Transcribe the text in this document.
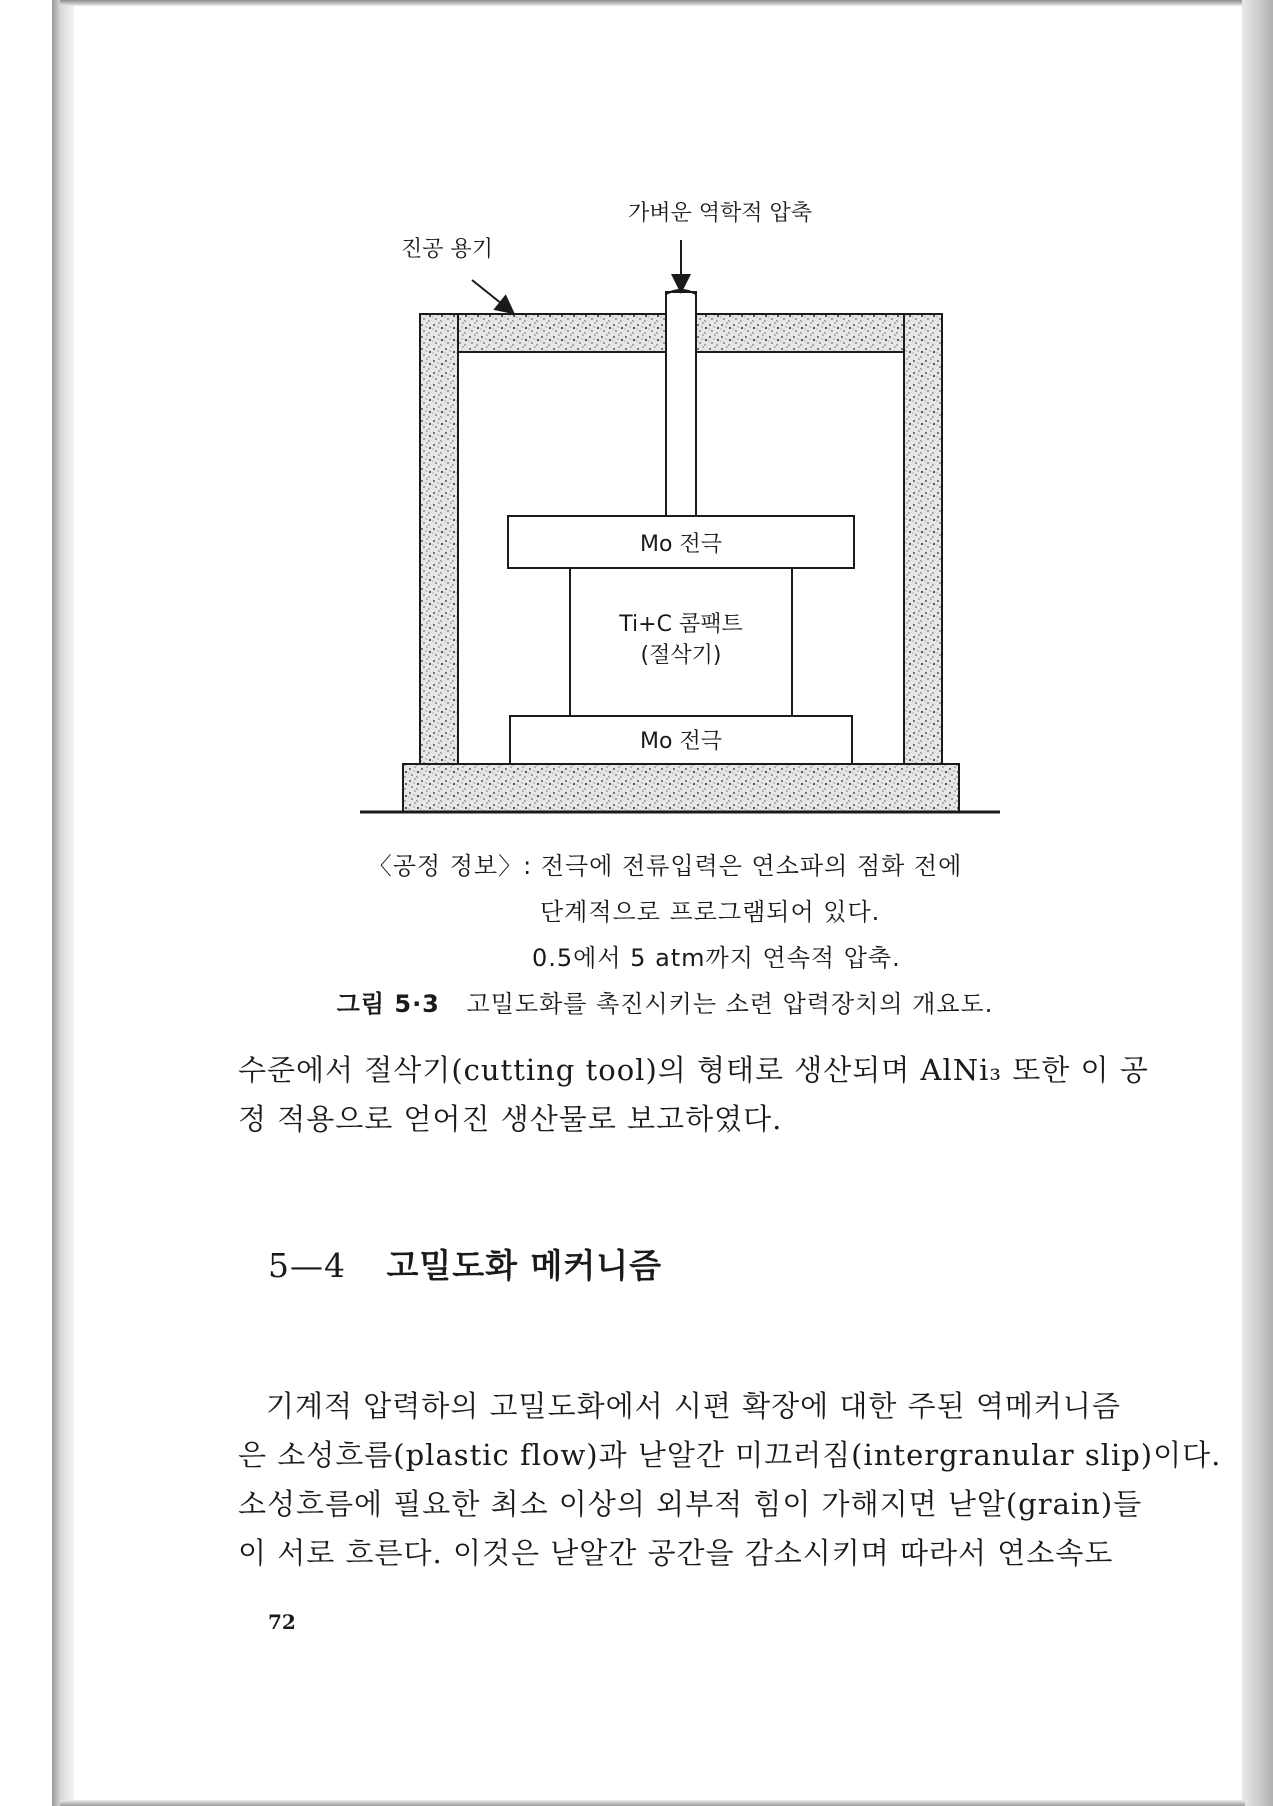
가벼운 역학적 압축
진공 용기
Mo 전극
Ti+C 콤팩트
(절삭기)
Mo 전극
〈공정 정보〉: 전극에 전류입력은 연소파의 점화 전에
단계적으로 프로그램되어 있다.
0.5에서 5 atm까지 연속적 압축.
그림 5·3 고밀도화를 촉진시키는 소련 압력장치의 개요도.
수준에서 절삭기(cutting tool)의 형태로 생산되며 AlNi₃ 또한 이 공
정 적용으로 얻어진 생산물로 보고하였다.
5—4 고밀도화 메커니즘
기계적 압력하의 고밀도화에서 시편 확장에 대한 주된 역메커니즘
은 소성흐름(plastic flow)과 낟알간 미끄러짐(intergranular slip)이다.
소성흐름에 필요한 최소 이상의 외부적 힘이 가해지면 낟알(grain)들
이 서로 흐른다. 이것은 낟알간 공간을 감소시키며 따라서 연소속도
72
